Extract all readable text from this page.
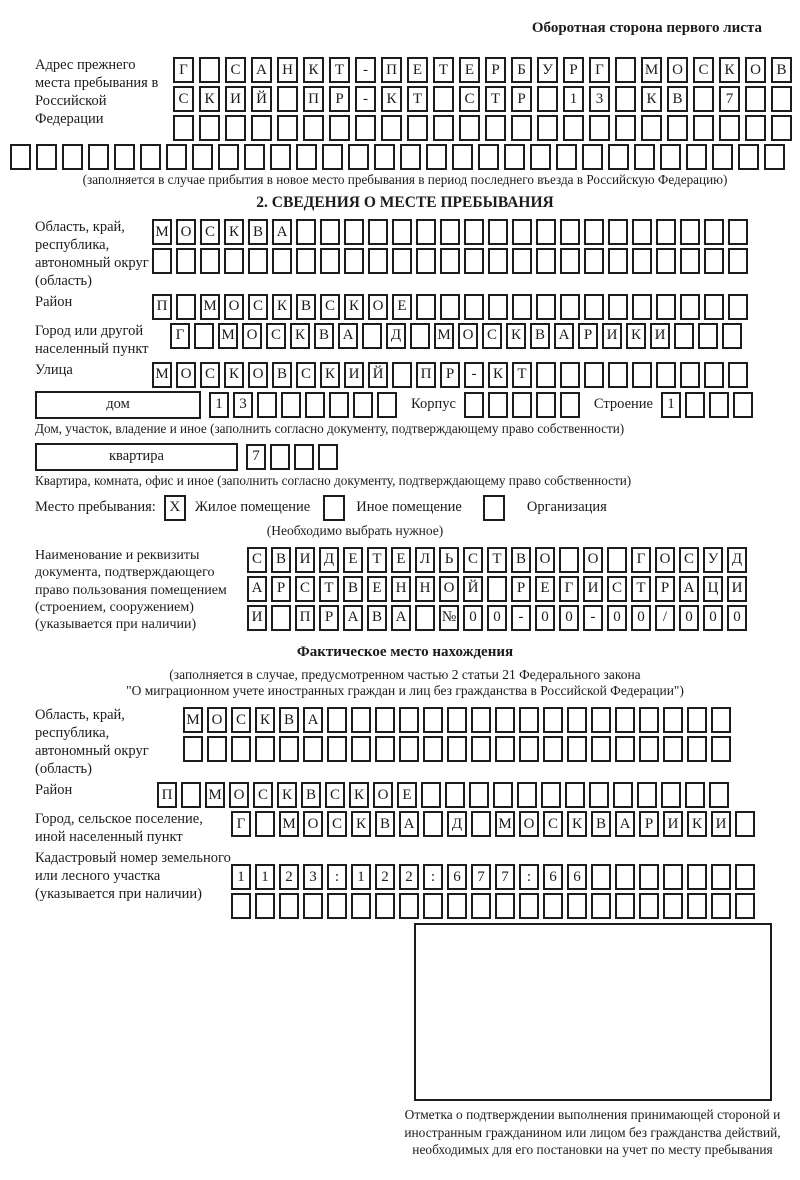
Оборотная сторона первого листа
Адрес прежнего места пребывания в Российской Федерации
Г	С	А	Н	К	Т	-	П	Е	Т	Е	Р	Б	У	Р	Г	М О	С	К	О	В
С	К	И	Й	П	Р	-	К	Т	С	Т	Р	1	3	К	В	7
(заполняется в случае прибытия в новое место пребывания в период последнего въезда в Российскую Федерацию)
2. СВЕДЕНИЯ О МЕСТЕ ПРЕБЫВАНИЯ
Область, край, республика, автономный округ (область)
М О С К В А
Район	П	М О С К В С К О Е
Город или другой населенный пункт
Г	М О С К В А	Д	М О С К В А Р И К И
Улица	М О С К О В С К И Й	П Р	-	К Т
дом	1	3	Корпус	Строение 1
Дом, участок, владение и иное (заполнить согласно документу, подтверждающему право собственности)
квартира	7
Квартира, комната, офис и иное (заполнить согласно документу, подтверждающему право собственности)
Место пребывания: X	Жилое помещение	Иное помещение	Организация
(Необходимо выбрать нужное)
Наименование и реквизиты документа, подтверждающего право пользования помещением (строением, сооружением) (указывается при наличии)
С В И Д Е Т Е Л Ь С Т В О	О	Г О С У Д
А Р С Т В Е Н Н О Й	Р	Е	Г И С Т	Р А Ц И
И	П Р А В А	№ 0	0	-	0	0	-	0	0	/	0	0	0
Фактическое место нахождения
(заполняется в случае, предусмотренном частью 2 статьи 21 Федерального закона
"О миграционном учете иностранных граждан и лиц без гражданства в Российской Федерации")
Область, край, республика, автономный округ (область)
М О С К В А
Район	П	М О С К В С К О Е
Город, сельское поселение, иной населенный пункт
Г	М О С К В А	Д	М О С К В А Р И К И
Кадастровый номер земельного или лесного участка (указывается при наличии)
1	1	2	3	:	1	2	2	:	6	7	7	:	6	6
Отметка о подтверждении выполнения принимающей стороной и иностранным гражданином или лицом без гражданства действий, необходимых для его постановки на учет по месту пребывания
